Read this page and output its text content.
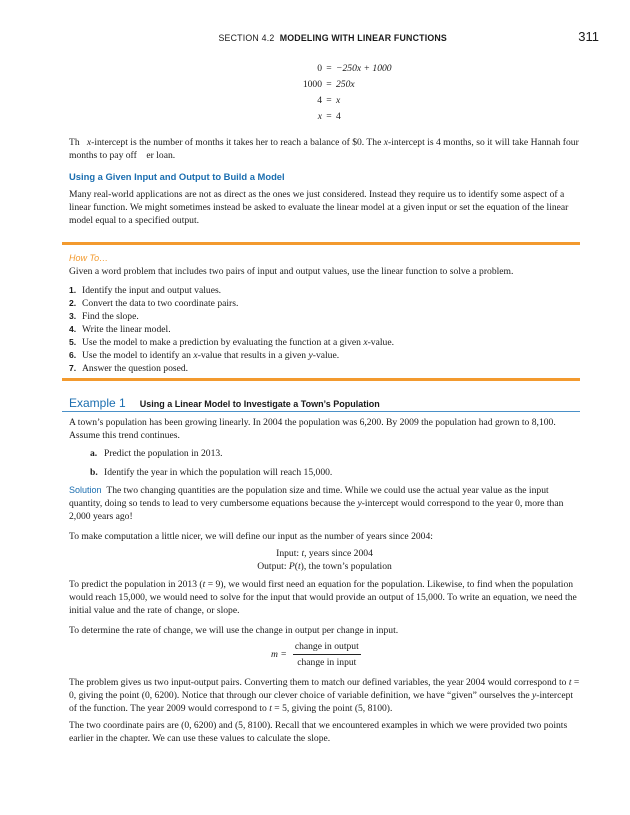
SECTION 4.2 MODELING WITH LINEAR FUNCTIONS	311
0 = −250x + 1000
1000 = 250x
4 = x
x = 4
Th x-intercept is the number of months it takes her to reach a balance of $0. The x-intercept is 4 months, so it will take Hannah four months to pay off er loan.
Using a Given Input and Output to Build a Model
Many real-world applications are not as direct as the ones we just considered. Instead they require us to identify some aspect of a linear function. We might sometimes instead be asked to evaluate the linear model at a given input or set the equation of the linear model equal to a specified output.
How To…
Given a word problem that includes two pairs of input and output values, use the linear function to solve a problem.
1. Identify the input and output values.
2. Convert the data to two coordinate pairs.
3. Find the slope.
4. Write the linear model.
5. Use the model to make a prediction by evaluating the function at a given x-value.
6. Use the model to identify an x-value that results in a given y-value.
7. Answer the question posed.
Example 1 Using a Linear Model to Investigate a Town’s Population
A town’s population has been growing linearly. In 2004 the population was 6,200. By 2009 the population had grown to 8,100. Assume this trend continues.
a. Predict the population in 2013.
b. Identify the year in which the population will reach 15,000.
Solution The two changing quantities are the population size and time. While we could use the actual year value as the input quantity, doing so tends to lead to very cumbersome equations because the y-intercept would correspond to the year 0, more than 2,000 years ago!
To make computation a little nicer, we will define our input as the number of years since 2004:
Input: t, years since 2004
Output: P(t), the town’s population
To predict the population in 2013 (t = 9), we would first need an equation for the population. Likewise, to find when the population would reach 15,000, we would need to solve for the input that would provide an output of 15,000. To write an equation, we need the initial value and the rate of change, or slope.
To determine the rate of change, we will use the change in output per change in input.
$m = \frac{\text{change in output}}{\text{change in input}}$
The problem gives us two input-output pairs. Converting them to match our defined variables, the year 2004 would correspond to t = 0, giving the point (0, 6200). Notice that through our clever choice of variable definition, we have “given” ourselves the y-intercept of the function. The year 2009 would correspond to t = 5, giving the point (5, 8100).
The two coordinate pairs are (0, 6200) and (5, 8100). Recall that we encountered examples in which we were provided two points earlier in the chapter. We can use these values to calculate the slope.
